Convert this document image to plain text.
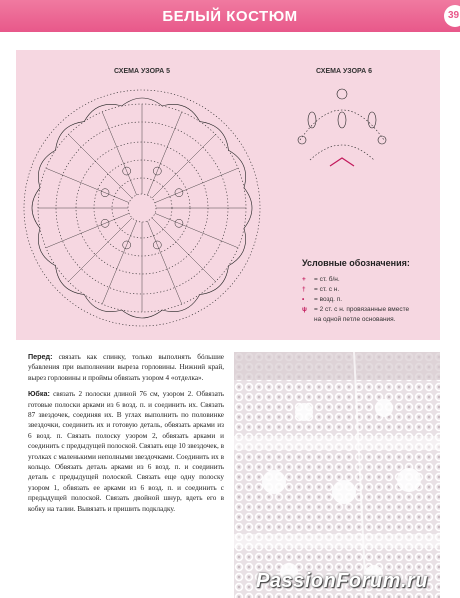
БЕЛЫЙ КОСТЮМ	39
СХЕМА УЗОРА 5	СХЕМА УЗОРА 6
Условные обозначения:
+	= ст. б/н.
†	= ст. с н.
•	= возд. п.
ψ	= 2 ст. с н. провязанные вместе
на одной петле основания.

Перед: связать как спинку, только выполнять бóльшие убавления при выполнении выреза горловины. Нижний край, вырез горловины и проймы обвязать узором 4 «отделка».

Юбка: связать 2 полоски длиной 76 см, узором 2. Обвязать готовые полоски арками из 6 возд. п. и соединить их. Связать 87 звездочек, соединяя их. В углах выполнить по половинке звездочки, соединить их и готовую деталь, обвязать арками из 6 возд. п. Связать полоску узором 2, обвязать арками и соединить с предыдущей полоской. Связать еще 10 звездочек, в уголках с маленькими неполными звездочками. Соединить их в кольцо. Обвязать деталь арками из 6 возд. п. и соединить деталь с предыдущей полоской. Связать еще одну полоску узором 1, обвязать ее арками из 6 возд. п. и соединить с предыдущей полоской. Связать двойной шнур, вдеть его в кобку на талии. Вывязать и пришить подкладку.

PassionForum.ru
